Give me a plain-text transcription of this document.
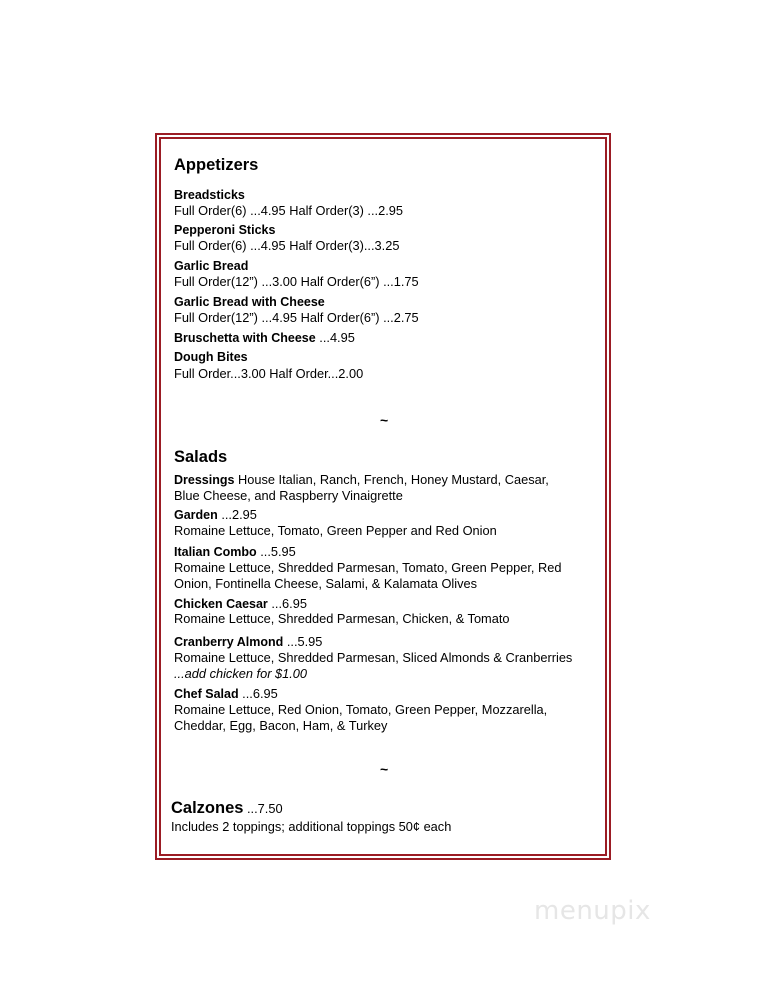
Appetizers
Breadsticks
Full Order(6) ...4.95 Half Order(3) ...2.95
Pepperoni Sticks
Full Order(6) ...4.95 Half Order(3)...3.25
Garlic Bread
Full Order(12”) ...3.00 Half Order(6”) ...1.75
Garlic Bread with Cheese
Full Order(12”) ...4.95 Half Order(6”) ...2.75
Bruschetta with Cheese ...4.95
Dough Bites
Full Order...3.00 Half Order...2.00
~
Salads
Dressings House Italian, Ranch, French, Honey Mustard, Caesar,
Blue Cheese, and Raspberry Vinaigrette
Garden ...2.95
Romaine Lettuce, Tomato, Green Pepper and Red Onion
Italian Combo ...5.95
Romaine Lettuce, Shredded Parmesan, Tomato, Green Pepper, Red
Onion, Fontinella Cheese, Salami, & Kalamata Olives
Chicken Caesar ...6.95
Romaine Lettuce, Shredded Parmesan, Chicken, & Tomato
Cranberry Almond ...5.95
Romaine Lettuce, Shredded Parmesan, Sliced Almonds & Cranberries
...add chicken for $1.00
Chef Salad ...6.95
Romaine Lettuce, Red Onion, Tomato, Green Pepper, Mozzarella,
Cheddar, Egg, Bacon, Ham, & Turkey
~
Calzones ...7.50
Includes 2 toppings; additional toppings 50¢ each
menupix
